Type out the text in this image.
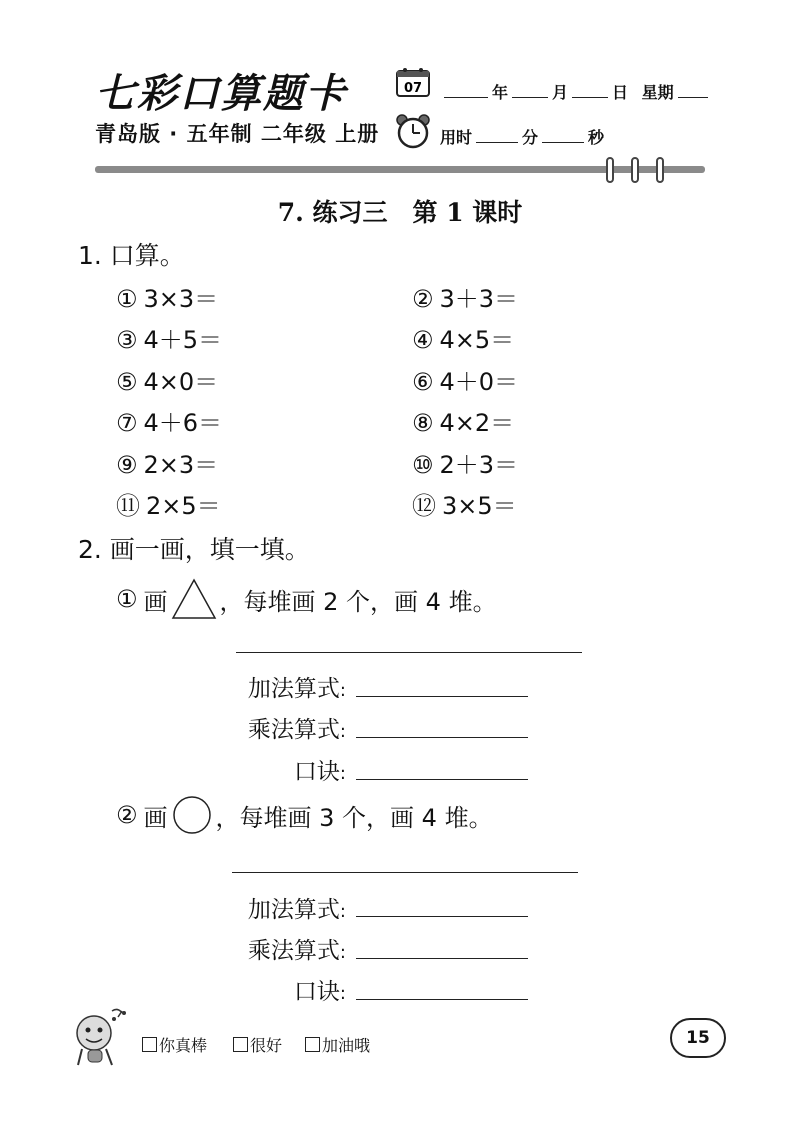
七彩口算题卡
青岛版 · 五年制 二年级 上册
07	年	月	日 星期
用时	分	秒
7. 练习三　第 1 课时
1. 口算。
① 3×3＝	② 3＋3＝
③ 4＋5＝	④ 4×5＝
⑤ 4×0＝	⑥ 4＋0＝
⑦ 4＋6＝	⑧ 4×2＝
⑨ 2×3＝	⑩ 2＋3＝
⑪ 2×5＝	⑫ 3×5＝
2. 画一画，填一填。
① 画 ，每堆画 2 个，画 4 堆。
加法算式:
乘法算式:
口诀:
② 画 ，每堆画 3 个，画 4 堆。
加法算式:
乘法算式:
口诀:
你真棒	很好	加油哦	15
